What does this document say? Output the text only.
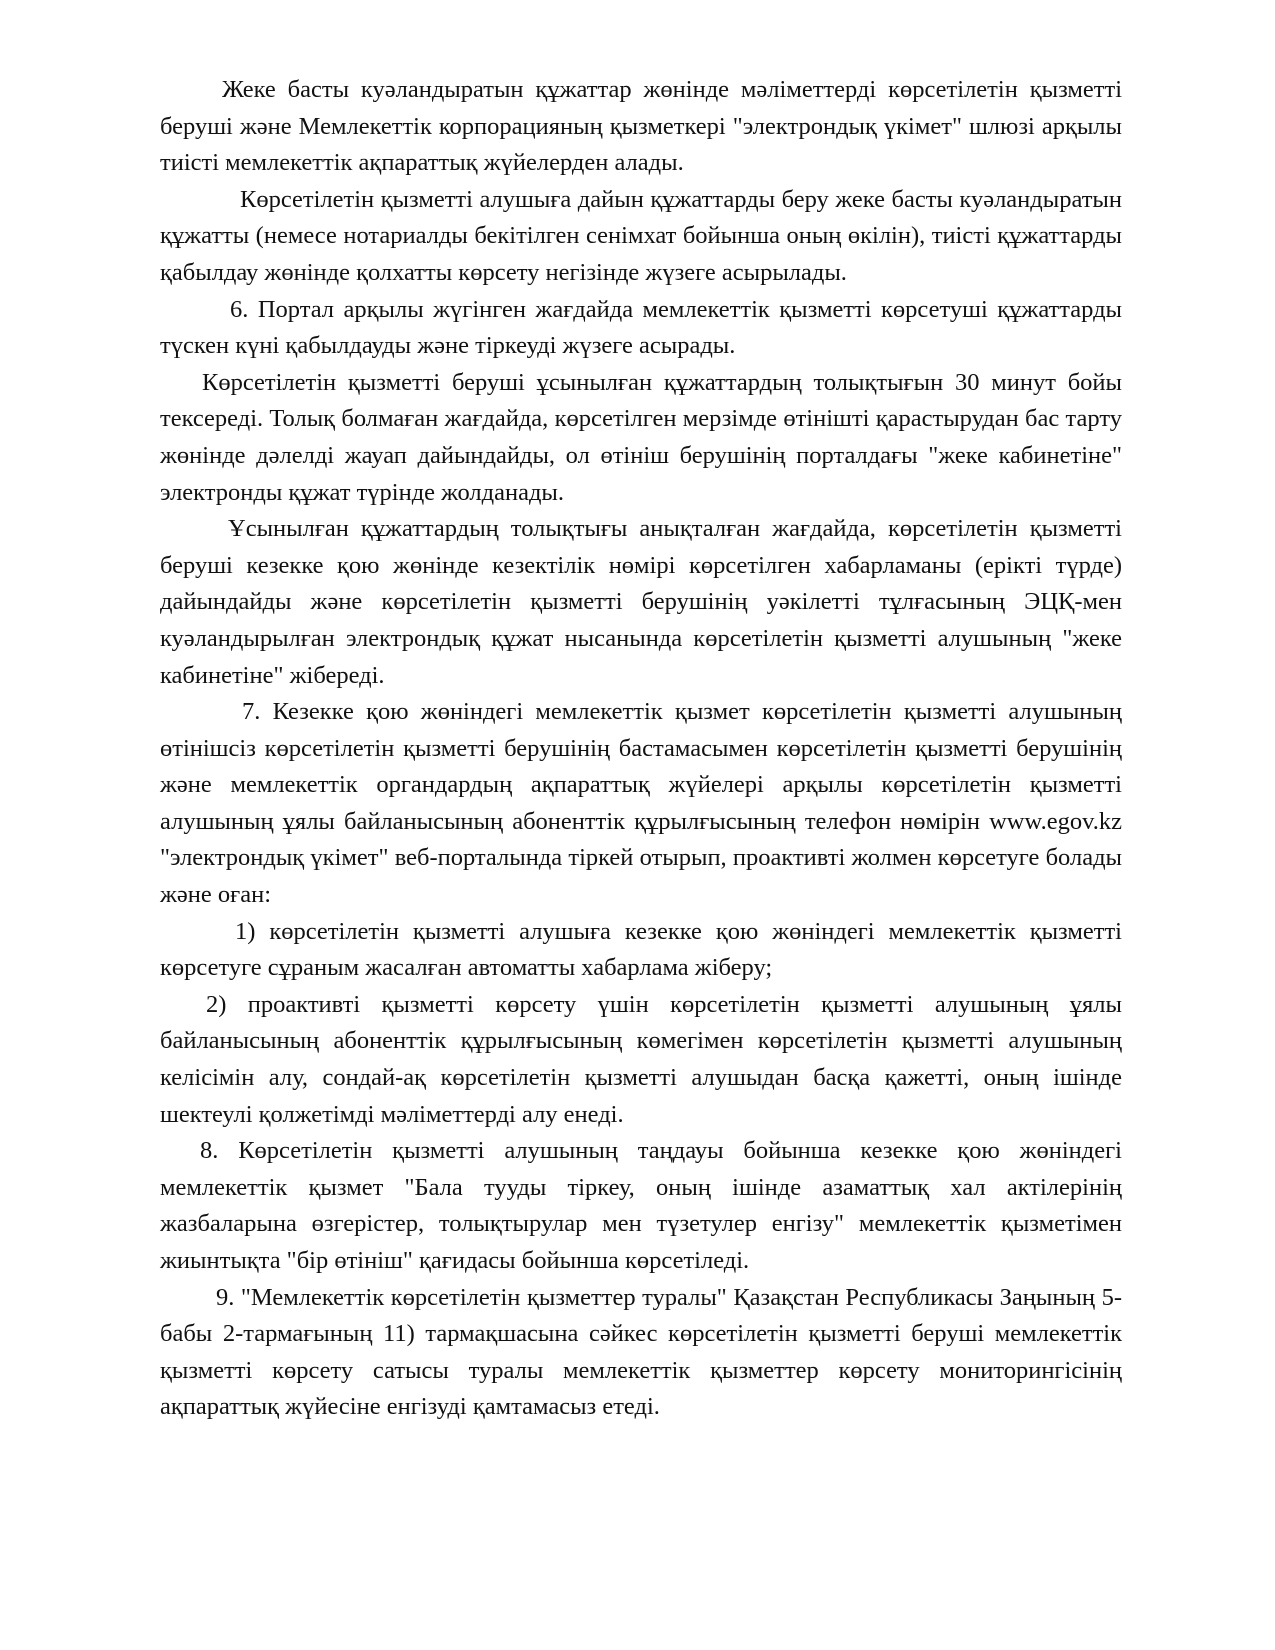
Жеке басты куәландыратын құжаттар жөнінде мәліметтерді көрсетілетін қызметті беруші және Мемлекеттік корпорацияның қызметкері "электрондық үкімет" шлюзі арқылы тиісті мемлекеттік ақпараттық жүйелерден алады.

Көрсетілетін қызметті алушыға дайын құжаттарды беру жеке басты куәландыратын құжатты (немесе нотариалды бекітілген сенімхат бойынша оның өкілін), тиісті құжаттарды қабылдау жөнінде қолхатты көрсету негізінде жүзеге асырылады.

6. Портал арқылы жүгінген жағдайда мемлекеттік қызметті көрсетуші құжаттарды түскен күні қабылдауды және тіркеуді жүзеге асырады.

Көрсетілетін қызметті беруші ұсынылған құжаттардың толықтығын 30 минут бойы тексереді. Толық болмаған жағдайда, көрсетілген мерзімде өтінішті қарастырудан бас тарту жөнінде дәлелді жауап дайындайды, ол өтініш берушінің порталдағы "жеке кабинетіне" электронды құжат түрінде жолданады.

Ұсынылған құжаттардың толықтығы анықталған жағдайда, көрсетілетін қызметті беруші кезекке қою жөнінде кезектілік нөмірі көрсетілген хабарламаны (ерікті түрде) дайындайды және көрсетілетін қызметті берушінің уәкілетті тұлғасының ЭЦҚ-мен куәландырылған электрондық құжат нысанында көрсетілетін қызметті алушының "жеке кабинетіне" жібереді.

7. Кезекке қою жөніндегі мемлекеттік қызмет көрсетілетін қызметті алушының өтінішсіз көрсетілетін қызметті берушінің бастамасымен көрсетілетін қызметті берушінің және мемлекеттік органдардың ақпараттық жүйелері арқылы көрсетілетін қызметті алушының ұялы байланысының абоненттік құрылғысының телефон нөмірін www.egov.kz "электрондық үкімет" веб-порталында тіркей отырып, проактивті жолмен көрсетуге болады және оған:

1) көрсетілетін қызметті алушыға кезекке қою жөніндегі мемлекеттік қызметті көрсетуге сұраным жасалған автоматты хабарлама жіберу;

2) проактивті қызметті көрсету үшін көрсетілетін қызметті алушының ұялы байланысының абоненттік құрылғысының көмегімен көрсетілетін қызметті алушының келісімін алу, сондай-ақ көрсетілетін қызметті алушыдан басқа қажетті, оның ішінде шектеулі қолжетімді мәліметтерді алу енеді.

8. Көрсетілетін қызметті алушының таңдауы бойынша кезекке қою жөніндегі мемлекеттік қызмет "Бала тууды тіркеу, оның ішінде азаматтық хал актілерінің жазбаларына өзгерістер, толықтырулар мен түзетулер енгізу" мемлекеттік қызметімен жиынтықта "бір өтініш" қағидасы бойынша көрсетіледі.

9. "Мемлекеттік көрсетілетін қызметтер туралы" Қазақстан Республикасы Заңының 5-бабы 2-тармағының 11) тармақшасына сәйкес көрсетілетін қызметті беруші мемлекеттік қызметті көрсету сатысы туралы мемлекеттік қызметтер көрсету мониторингісінің ақпараттық жүйесіне енгізуді қамтамасыз етеді.
